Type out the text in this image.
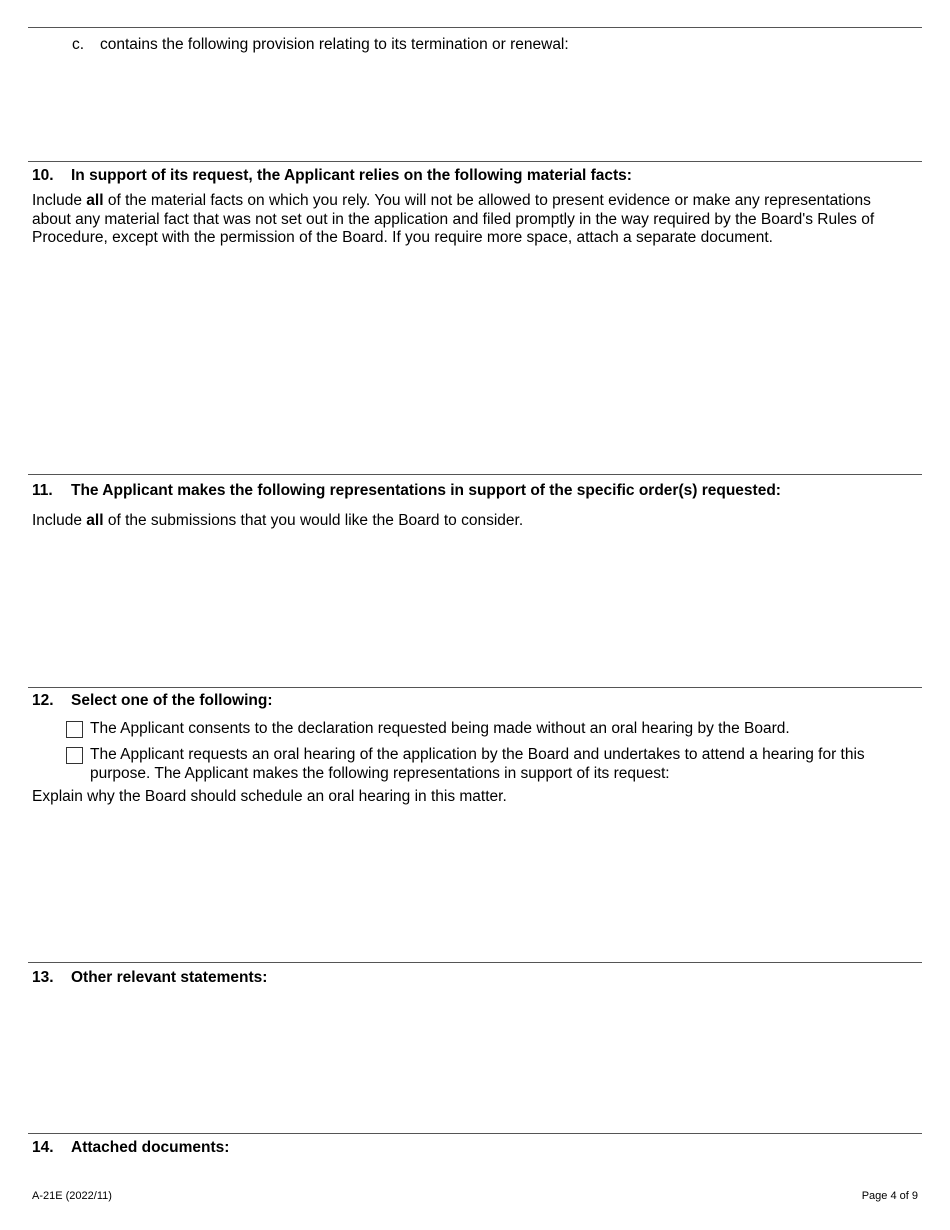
c. contains the following provision relating to its termination or renewal:
10. In support of its request, the Applicant relies on the following material facts:
Include all of the material facts on which you rely. You will not be allowed to present evidence or make any representations about any material fact that was not set out in the application and filed promptly in the way required by the Board's Rules of Procedure, except with the permission of the Board. If you require more space, attach a separate document.
11. The Applicant makes the following representations in support of the specific order(s) requested:
Include all of the submissions that you would like the Board to consider.
12. Select one of the following:
The Applicant consents to the declaration requested being made without an oral hearing by the Board.
The Applicant requests an oral hearing of the application by the Board and undertakes to attend a hearing for this purpose. The Applicant makes the following representations in support of its request:
Explain why the Board should schedule an oral hearing in this matter.
13. Other relevant statements:
14. Attached documents:
A-21E (2022/11)	Page 4 of 9
